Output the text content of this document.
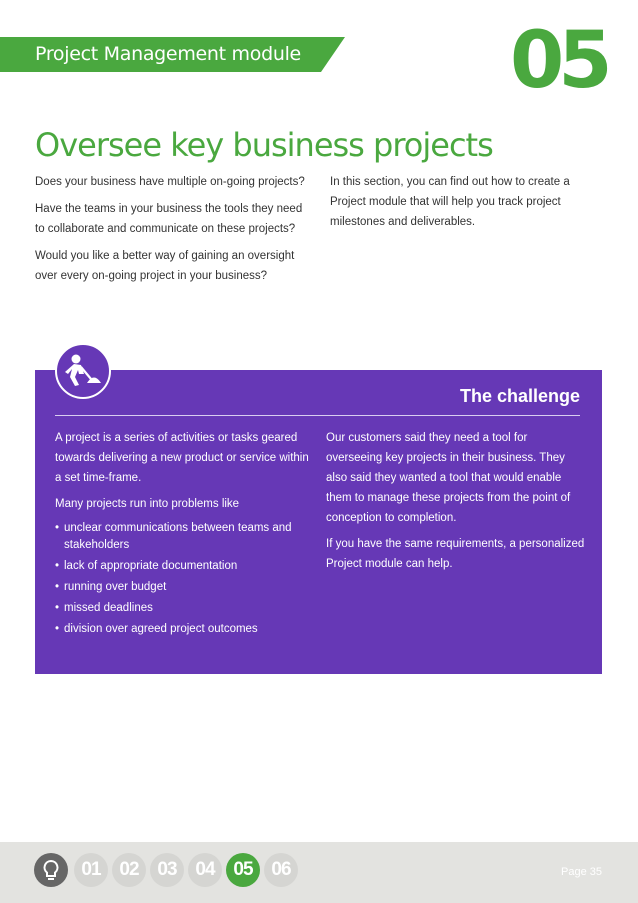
Project Management module	05
Oversee key business projects

Does your business have multiple on-going projects?

Have the teams in your business the tools they need to collaborate and communicate on these projects?

Would you like a better way of gaining an oversight over every on-going project in your business?

In this section, you can find out how to create a Project module that will help you track project milestones and deliverables.

The challenge

A project is a series of activities or tasks geared towards delivering a new product or service within a set time-frame.

Many projects run into problems like

• unclear communications between teams and stakeholders
• lack of appropriate documentation
• running over budget
• missed deadlines
• division over agreed project outcomes

Our customers said they need a tool for overseeing key projects in their business. They also said they wanted a tool that would enable them to manage these projects from the point of conception to completion.

If you have the same requirements, a personalized Project module can help.

01 02 03 04 05 06	Page 35
